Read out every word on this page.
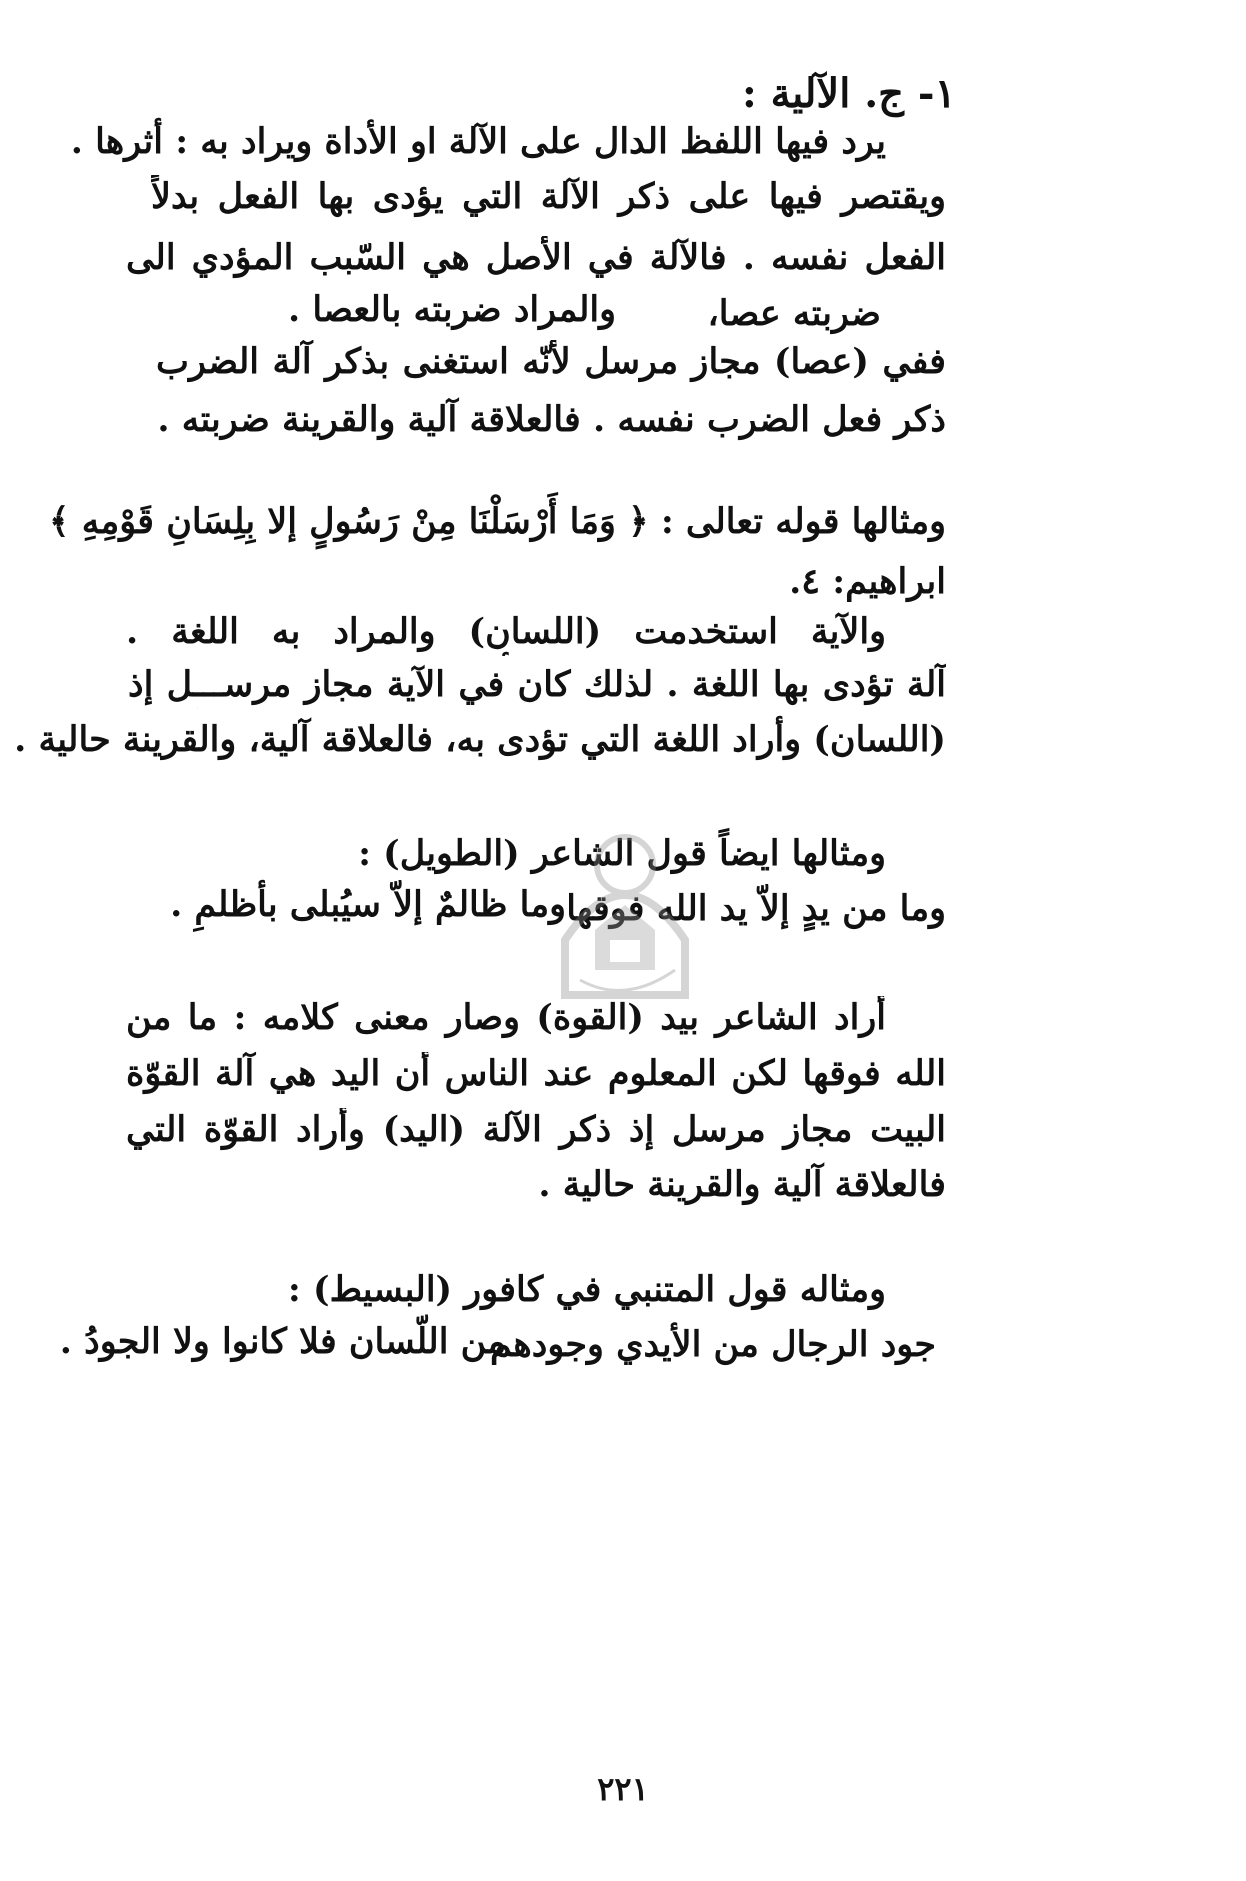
١- ج. الآلية :
يرد فيها اللفظ الدال على الآلة او الأداة ويراد به : أثرها .
ويقتصر فيها على ذكر الآلة التي يؤدى بها الفعل بدلاً
الفعل نفسه . فالآلة في الأصل هي السّبب المؤدي الى
ضربته عصا،
والمراد ضربته بالعصا .
ففي (عصا) مجاز مرسل لأنّه استغنى بذكر آلة الضرب
ذكر فعل الضرب نفسه . فالعلاقة آلية والقرينة ضربته .
ومثالها قوله تعالى : ﴿ وَمَا أَرْسَلْنَا مِنْ رَسُولٍ إلا بِلِسَانِ قَوْمِهِ ﴾
ابراهيم: ٤.
والآية استخدمت (اللسان) والمراد به اللغة .
آلة تؤدى بها اللغة . لذلك كان في الآية مجاز مرســـل إذ
(اللسان) وأراد اللغة التي تؤدى به، فالعلاقة آلية، والقرينة حالية .
ومثالها ايضاً قول الشاعر (الطويل) :
وما من يدٍ إلاّ يد الله فوقها
وما ظالمٌ إلاّ سيُبلى بأظلمِ .
أراد الشاعر بيد (القوة) وصار معنى كلامه : ما من
الله فوقها لكن المعلوم عند الناس أن اليد هي آلة القوّة
البيت مجاز مرسل إذ ذكر الآلة (اليد) وأراد القوّة التي
فالعلاقة آلية والقرينة حالية .
ومثاله قول المتنبي في كافور (البسيط) :
جود الرجال من الأيدي وجودهم
من اللّسان فلا كانوا ولا الجودُ .
٢٢١
